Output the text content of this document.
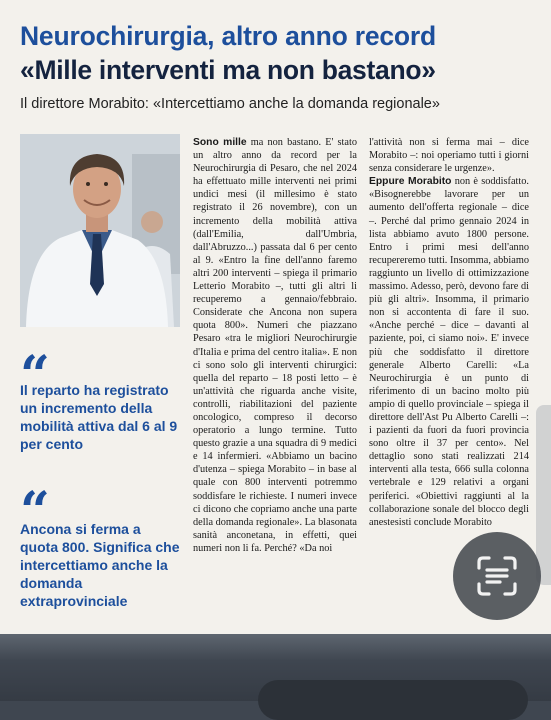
Neurochirurgia, altro anno record
«Mille interventi ma non bastano»
Il direttore Morabito: «Intercettiamo anche la domanda regionale»
“
Il reparto ha registrato un incremento della mobilità attiva dal 6 al 9 per cento
“
Ancona si ferma a quota 800. Significa che intercettiamo anche la domanda extraprovinciale

Sono mille ma non bastano. E' stato un altro anno da record per la Neurochirurgia di Pesaro, che nel 2024 ha effettuato mille interventi nei primi undici mesi (il millesimo è stato registrato il 26 novembre), con un incremento della mobilità attiva (dall'Emilia, dall'Umbria, dall'Abruzzo...) passata dal 6 per cento al 9. «Entro la fine dell'anno faremo altri 200 interventi – spiega il primario Letterio Morabito –, tutti gli altri li recuperemo a gennaio/febbraio. Considerate che Ancona non supera quota 800». Numeri che piazzano Pesaro «tra le migliori Neurochirurgie d'Italia e prima del centro italia». E non ci sono solo gli interventi chirurgici: quella del reparto – 18 posti letto – è un'attività che riguarda anche visite, controlli, riabilitazioni del paziente oncologico, compreso il decorso operatorio a lungo termine. Tutto questo grazie a una squadra di 9 medici e 14 infermieri. «Abbiamo un bacino d'utenza – spiega Morabito – in base al quale con 800 interventi potremmo soddisfare le richieste. I numeri invece ci dicono che copriamo anche una parte della domanda regionale». La blasonata sanità anconetana, in effetti, quei numeri non li fa. Perché? «Da noi

l'attività non si ferma mai – dice Morabito –: noi operiamo tutti i giorni senza considerare le urgenze».
Eppure Morabito non è soddisfatto. «Bisognerebbe lavorare per un aumento dell'offerta regionale – dice –. Perché dal primo gennaio 2024 in lista abbiamo avuto 1800 persone. Entro i primi mesi dell'anno recupereremo tutti. Insomma, abbiamo raggiunto un livello di ottimizzazione massimo. Adesso, però, devono fare di più gli altri». Insomma, il primario non si accontenta di fare il suo. «Anche perché – dice – davanti al paziente, poi, ci siamo noi». E' invece più che soddisfatto il direttore generale Alberto Carelli: «La Neurochirurgia è un punto di riferimento di un bacino molto più ampio di quello provinciale – spiega il direttore dell'Ast Pu Alberto Carelli –: i pazienti da fuori da fuori provincia sono oltre il 37 per cento». Nel dettaglio sono stati realizzati 214 interventi alla testa, 666 sulla colonna vertebrale e 129 relativi a organi periferici. «Obiettivi raggiunti al la collaborazione sonale del blocco degli anestesisti conclude Morabito
